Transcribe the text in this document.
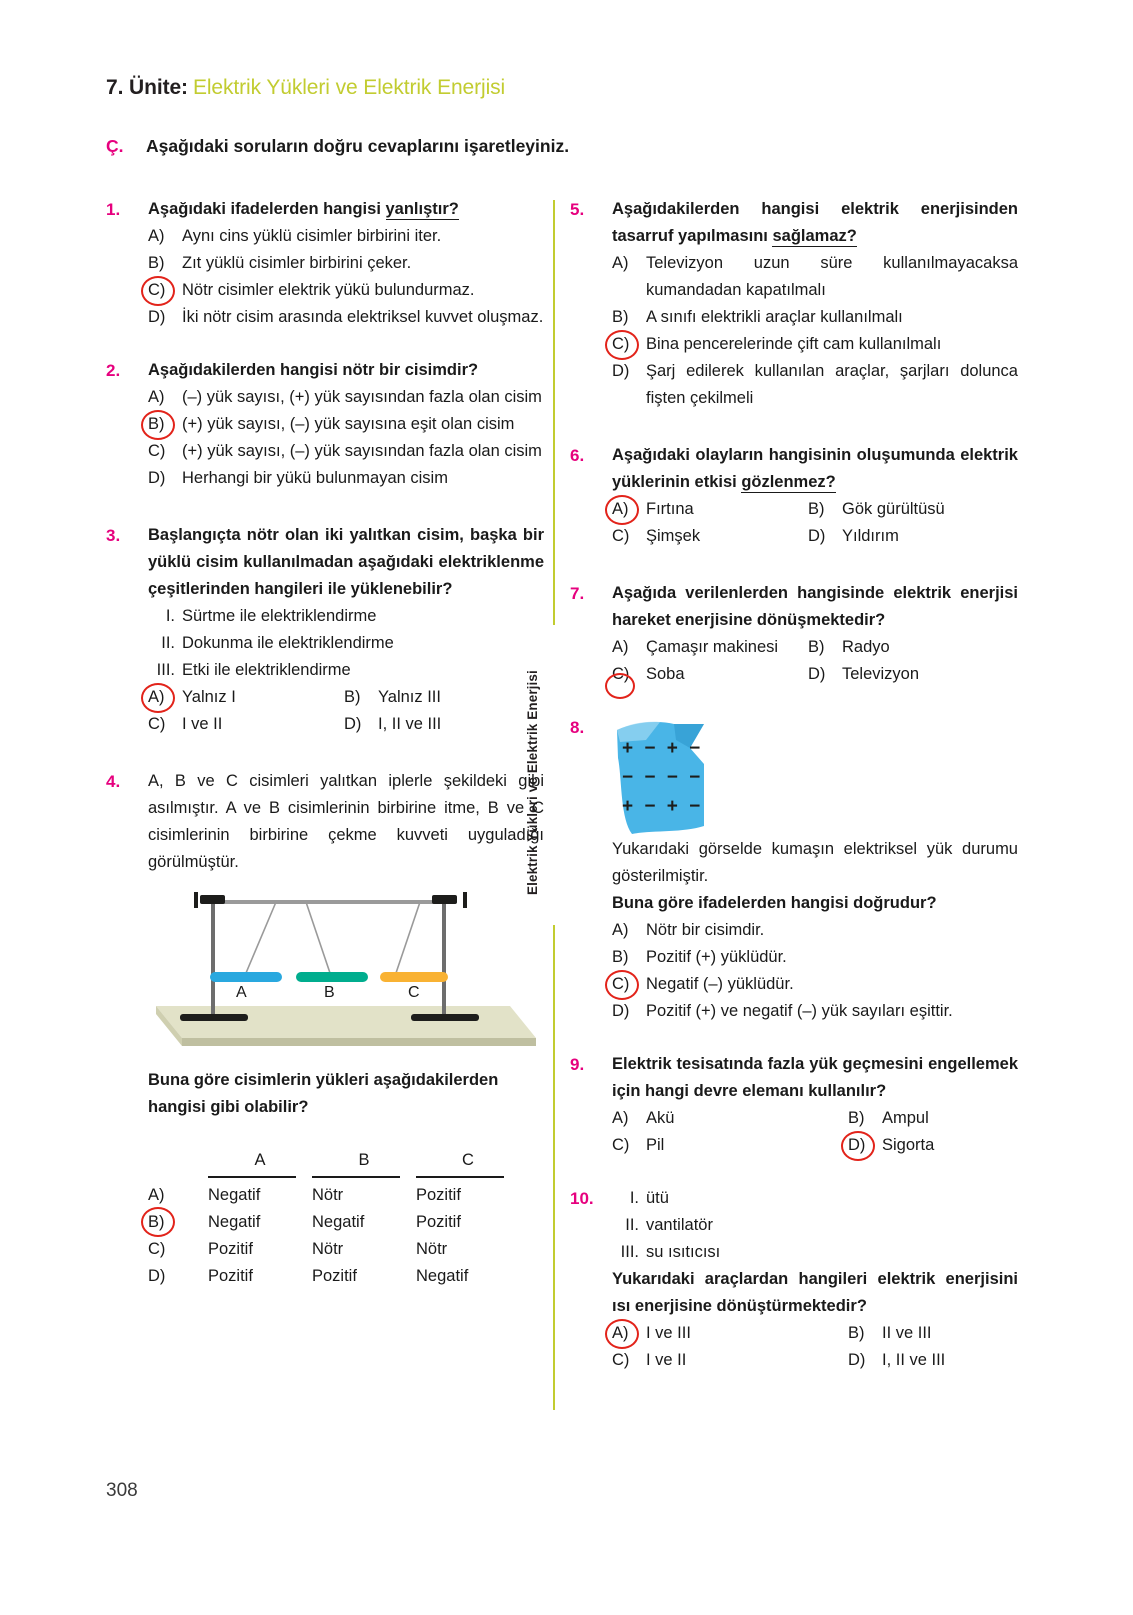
7. Ünite: Elektrik Yükleri ve Elektrik Enerjisi
Ç. Aşağıdaki soruların doğru cevaplarını işaretleyiniz.
Elektrik Yükleri ve Elektrik Enerjisi
1.	Aşağıdaki ifadelerden hangisi yanlıştır?
A)	Aynı cins yüklü cisimler birbirini iter.
B)	Zıt yüklü cisimler birbirini çeker.
C)	Nötr cisimler elektrik yükü bulundurmaz.
D)	İki nötr cisim arasında elektriksel kuvvet oluşmaz.
2.	Aşağıdakilerden hangisi nötr bir cisimdir?
A)	(–) yük sayısı, (+) yük sayısından fazla olan cisim
B)	(+) yük sayısı, (–) yük sayısına eşit olan cisim
C)	(+) yük sayısı, (–) yük sayısından fazla olan cisim
D)	Herhangi bir yükü bulunmayan cisim
3.	Başlangıçta nötr olan iki yalıtkan cisim, başka bir yüklü cisim kullanılmadan aşağıdaki elektriklenme çeşitlerinden hangileri ile yüklenebilir?
I. Sürtme ile elektriklendirme
II. Dokunma ile elektriklendirme
III. Etki ile elektriklendirme
A)	Yalnız I	B)	Yalnız III
C)	I ve II	D)	I, II ve III
4.	A, B ve C cisimleri yalıtkan iplerle şekildeki gibi asılmıştır. A ve B cisimlerinin birbirine itme, B ve C cisimlerinin birbirine çekme kuvveti uyguladığı görülmüştür.
A	B	C
Buna göre cisimlerin yükleri aşağıdakilerden hangisi gibi olabilir?
A	B	C
A)	Negatif	Nötr	Pozitif
B)	Negatif	Negatif	Pozitif
C)	Pozitif	Nötr	Nötr
D)	Pozitif	Pozitif	Negatif
5.	Aşağıdakilerden hangisi elektrik enerjisinden tasarruf yapılmasını sağlamaz?
A)	Televizyon uzun süre kullanılmayacaksa kumandadan kapatılmalı
B)	A sınıfı elektrikli araçlar kullanılmalı
C)	Bina pencerelerinde çift cam kullanılmalı
D)	Şarj edilerek kullanılan araçlar, şarjları dolunca fişten çekilmeli
6.	Aşağıdaki olayların hangisinin oluşumunda elektrik yüklerinin etkisi gözlenmez?
A)	Fırtına	B)	Gök gürültüsü
C)	Şimşek	D)	Yıldırım
7.	Aşağıda verilenlerden hangisinde elektrik enerjisi hareket enerjisine dönüşmektedir?
A)	Çamaşır makinesi B)	Radyo
C)	Soba	D)	Televizyon
8.
+ − + −
− − − −
+ − + −
Yukarıdaki görselde kumaşın elektriksel yük durumu gösterilmiştir.
Buna göre ifadelerden hangisi doğrudur?
A)	Nötr bir cisimdir.
B)	Pozitif (+) yüklüdür.
C)	Negatif (–) yüklüdür.
D)	Pozitif (+) ve negatif (–) yük sayıları eşittir.
9.	Elektrik tesisatında fazla yük geçmesini engellemek için hangi devre elemanı kullanılır?
A)	Akü	B)	Ampul
C)	Pil	D)	Sigorta
10.	I. ütü
II. vantilatör
III. su ısıtıcısı
Yukarıdaki araçlardan hangileri elektrik enerjisini ısı enerjisine dönüştürmektedir?
A)	I ve III	B)	II ve III
C)	I ve II	D)	I, II ve III
308
